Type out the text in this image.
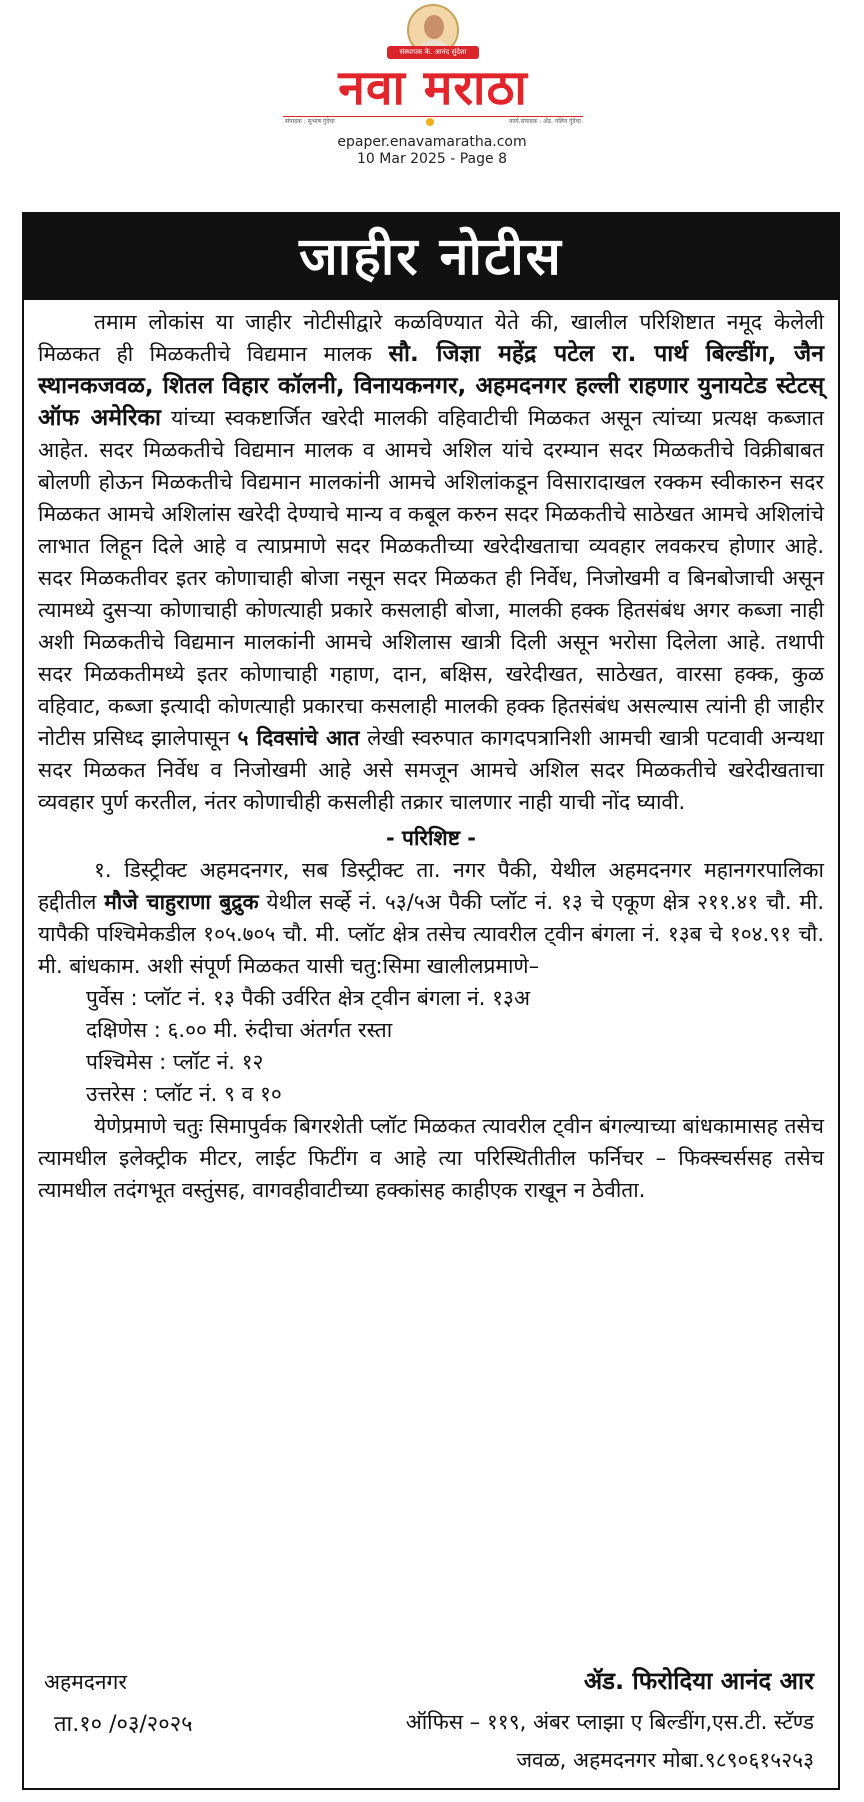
संस्थापक के. आनंद सुंदेशा
नवा मराठा
संपादक : सुभाष गुंदेचा	कार्य.संपादक : ॲड. नलिन गुंदेचा
epaper.enavamaratha.com
10 Mar 2025 - Page 8
जाहीर नोटीस

तमाम लोकांस या जाहीर नोटीसीद्वारे कळविण्यात येते की, खालील परिशिष्टात नमूद केलेली मिळकत ही मिळकतीचे विद्यमान मालक सौ. जिज्ञा महेंद्र पटेल रा. पार्थ बिल्डींग, जैन स्थानकजवळ, शितल विहार कॉलनी, विनायकनगर, अहमदनगर हल्ली राहणार युनायटेड स्टेटस् ऑफ अमेरिका यांच्या स्वकष्टार्जित खरेदी मालकी वहिवाटीची मिळकत असून त्यांच्या प्रत्यक्ष कब्जात आहेत. सदर मिळकतीचे विद्यमान मालक व आमचे अशिल यांचे दरम्यान सदर मिळकतीचे विक्रीबाबत बोलणी होऊन मिळकतीचे विद्यमान मालकांनी आमचे अशिलांकडून विसारादाखल रक्कम स्वीकारुन सदर मिळकत आमचे अशिलांस खरेदी देण्याचे मान्य व कबूल करुन सदर मिळकतीचे साठेखत आमचे अशिलांचे लाभात लिहून दिले आहे व त्याप्रमाणे सदर मिळकतीच्या खरेदीखताचा व्यवहार लवकरच होणार आहे. सदर मिळकतीवर इतर कोणाचाही बोजा नसून सदर मिळकत ही निर्वेध, निजोखमी व बिनबोजाची असून त्यामध्ये दुसऱ्या कोणाचाही कोणत्याही प्रकारे कसलाही बोजा, मालकी हक्क हितसंबंध अगर कब्जा नाही अशी मिळकतीचे विद्यमान मालकांनी आमचे अशिलास खात्री दिली असून भरोसा दिलेला आहे. तथापी सदर मिळकतीमध्ये इतर कोणाचाही गहाण, दान, बक्षिस, खरेदीखत, साठेखत, वारसा हक्क, कुळ वहिवाट, कब्जा इत्यादी कोणत्याही प्रकारचा कसलाही मालकी हक्क हितसंबंध असल्यास त्यांनी ही जाहीर नोटीस प्रसिध्द झालेपासून ५ दिवसांचे आत लेखी स्वरुपात कागदपत्रानिशी आमची खात्री पटवावी अन्यथा सदर मिळकत निर्वेध व निजोखमी आहे असे समजून आमचे अशिल सदर मिळकतीचे खरेदीखताचा व्यवहार पुर्ण करतील, नंतर कोणाचीही कसलीही तक्रार चालणार नाही याची नोंद घ्यावी.

- परिशिष्ट -

१. डिस्ट्रीक्ट अहमदनगर, सब डिस्ट्रीक्ट ता. नगर पैकी, येथील अहमदनगर महानगरपालिका हद्दीतील मौजे चाहुराणा बुद्रुक येथील सर्व्हे नं. ५३/५अ पैकी प्लॉट नं. १३ चे एकूण क्षेत्र २११.४१ चौ. मी. यापैकी पश्चिमेकडील १०५.७०५ चौ. मी. प्लॉट क्षेत्र तसेच त्यावरील ट्वीन बंगला नं. १३ब चे १०४.९१ चौ. मी. बांधकाम. अशी संपूर्ण मिळकत यासी चतु:सिमा खालीलप्रमाणे–

पुर्वेस : प्लॉट नं. १३ पैकी उर्वरित क्षेत्र ट्वीन बंगला नं. १३अ

दक्षिणेस : ६.०० मी. रुंदीचा अंतर्गत रस्ता

पश्चिमेस : प्लॉट नं. १२

उत्तरेस : प्लॉट नं. ९ व १०

येणेप्रमाणे चतुः सिमापुर्वक बिगरशेती प्लॉट मिळकत त्यावरील ट्वीन बंगल्याच्या बांधकामासह तसेच त्यामधील इलेक्ट्रीक मीटर, लाईट फिटींग व आहे त्या परिस्थितीतील फर्निचर – फिक्स्चर्ससह तसेच त्यामधील तदंगभूत वस्तुंसह, वागवहीवाटीच्या हक्कांसह काहीएक राखून न ठेवीता.

अहमदनगर
ता.१० /०३/२०२५
ॲड. फिरोदिया आनंद आर
ऑफिस – ११९, अंबर प्लाझा ए बिल्डींग,एस.टी. स्टॅण्ड
जवळ, अहमदनगर मोबा.९८९०६१५२५३
